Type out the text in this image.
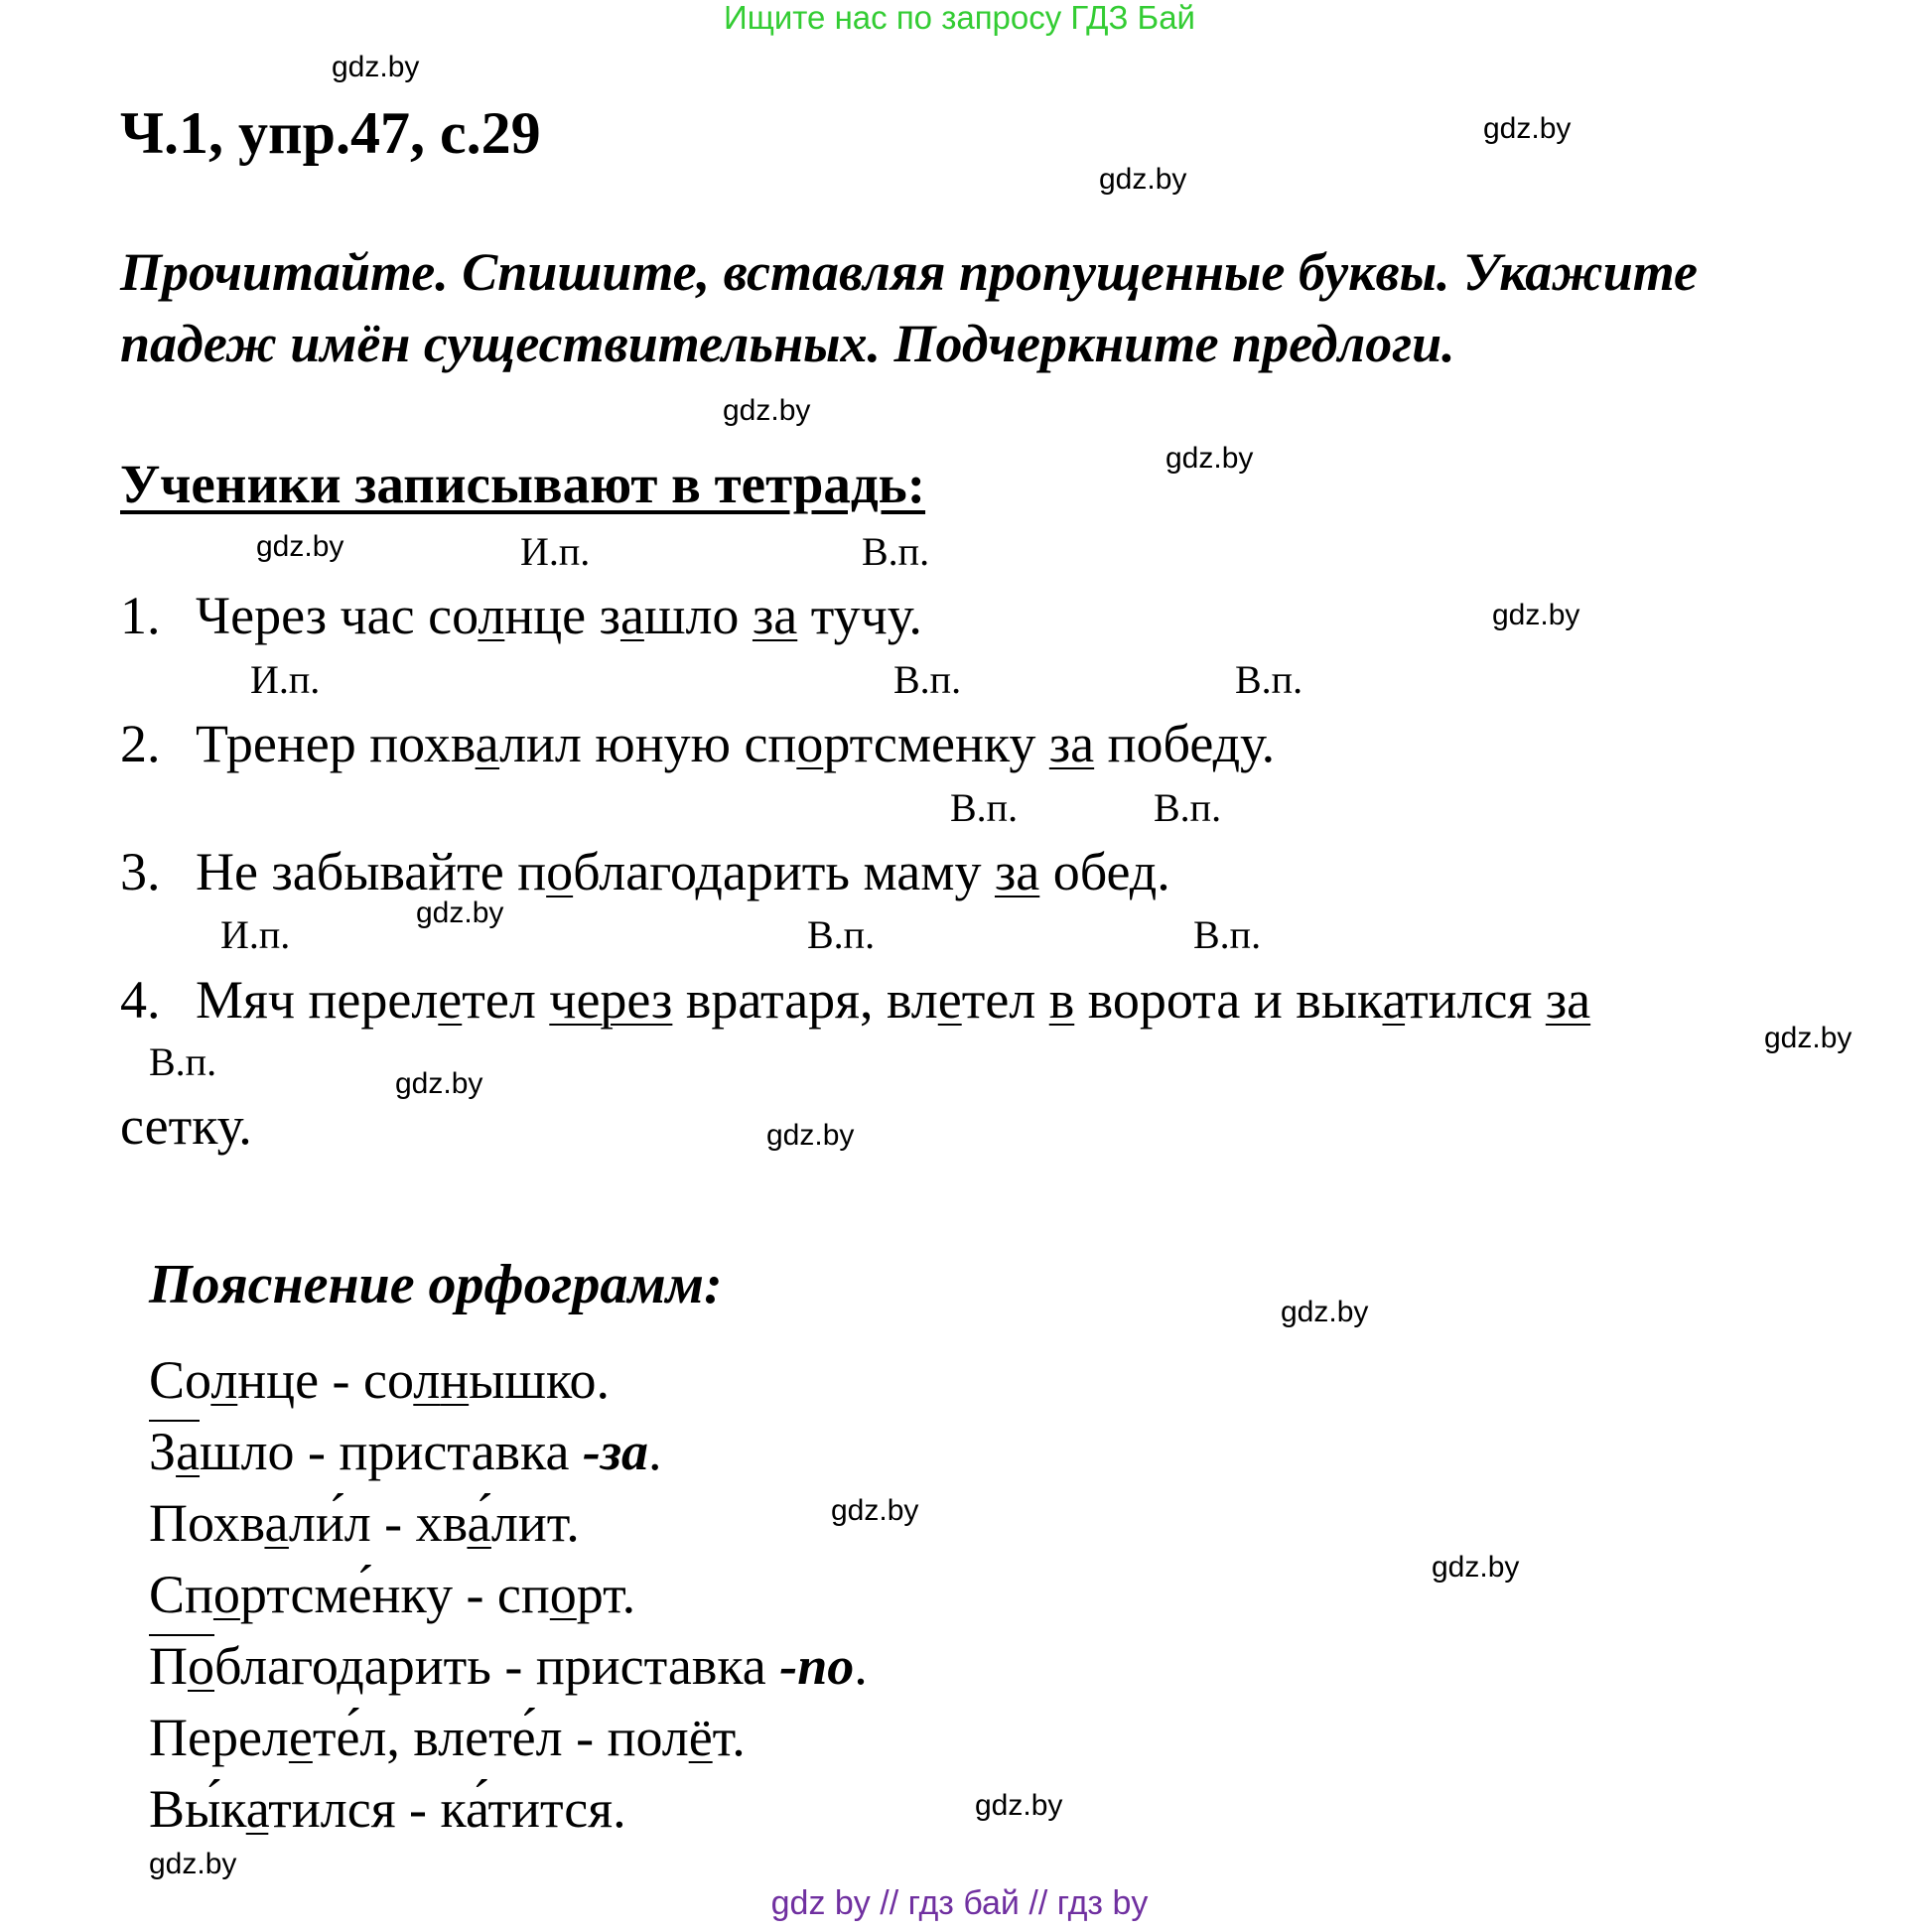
Ищите нас по запросу ГДЗ Бай
gdz.by
gdz.by
gdz.by
gdz.by
gdz.by
gdz.by
gdz.by
gdz.by
gdz.by
gdz.by
gdz.by
gdz.by
gdz.by
gdz.by
gdz.by
gdz.by
Ч.1, упр.47, с.29
Прочитайте. Спишите, вставляя пропущенные буквы. Укажите
падеж имён существительных. Подчеркните предлоги.
Ученики записывают в тетрадь:
И.п.	В.п.
1. Через час солнце зашло за тучу.
И.п.	В.п.	В.п.
2. Тренер похвалил юную спортсменку за победу.
В.п.	В.п.
3. Не забывайте поблагодарить маму за обед.
И.п.	В.п.	В.п.
4. Мяч перелетел через вратаря, влетел в ворота и выкатился за
В.п.
сетку.
Пояснение орфограмм:
Солнце - солнышко.
Зашло - приставка -за.
Похвали́л - хва́лит.
Спортсме́нку - спорт.
Поблагодарить - приставка -по.
Перелете́л, влете́л - полёт.
Вы́катился - ка́тится.
gdz by // гдз бай // гдз by
